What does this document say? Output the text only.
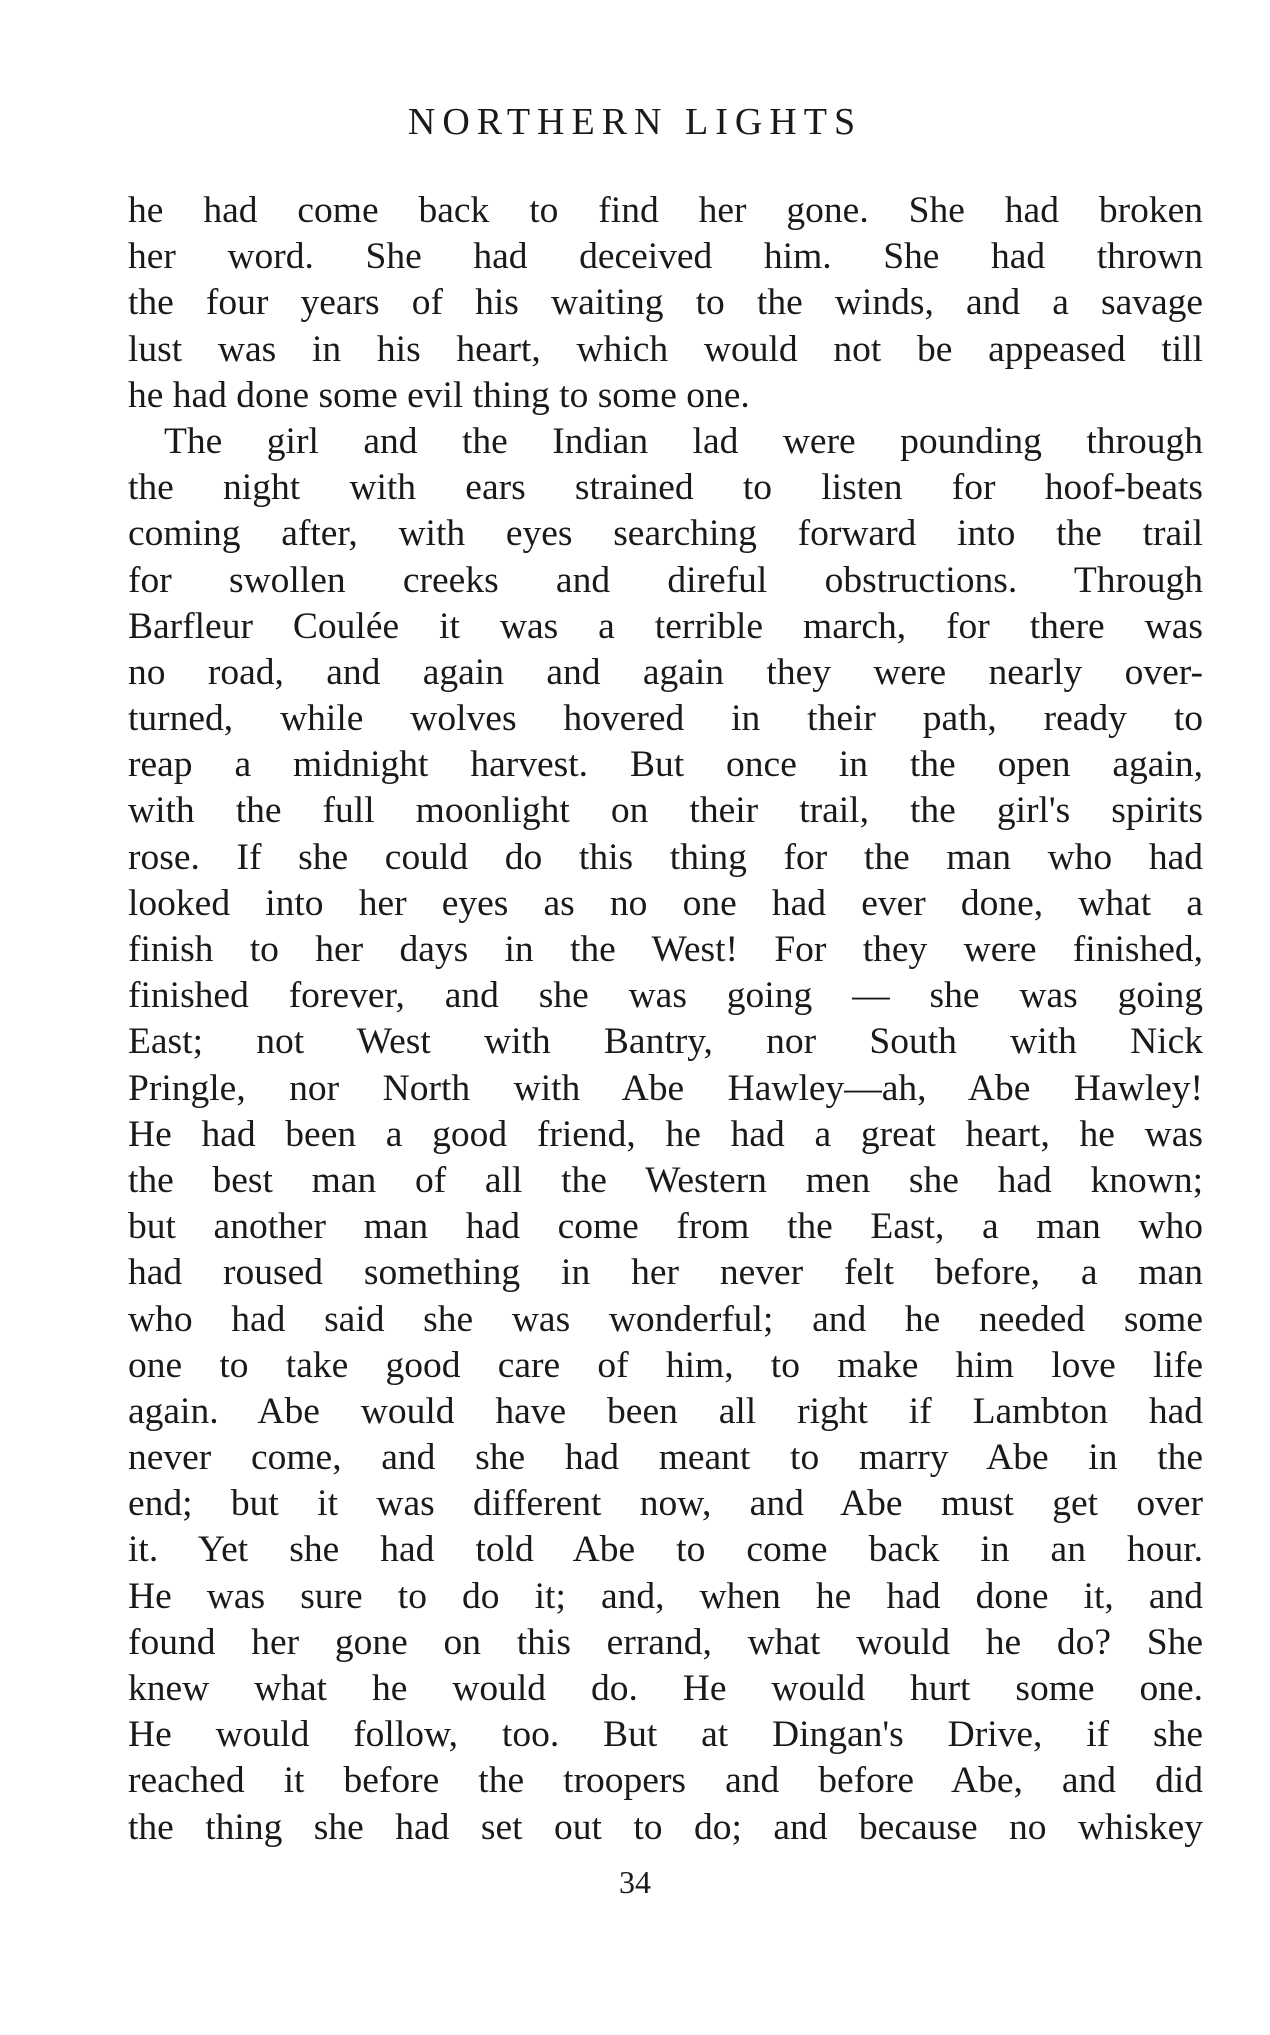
NORTHERN LIGHTS
he had come back to find her gone. She had broken
her word. She had deceived him. She had thrown
the four years of his waiting to the winds, and a savage
lust was in his heart, which would not be appeased till
he had done some evil thing to some one.
The girl and the Indian lad were pounding through
the night with ears strained to listen for hoof-beats
coming after, with eyes searching forward into the trail
for swollen creeks and direful obstructions. Through
Barfleur Coulée it was a terrible march, for there was
no road, and again and again they were nearly over-
turned, while wolves hovered in their path, ready to
reap a midnight harvest. But once in the open again,
with the full moonlight on their trail, the girl's spirits
rose. If she could do this thing for the man who had
looked into her eyes as no one had ever done, what a
finish to her days in the West! For they were finished,
finished forever, and she was going — she was going
East; not West with Bantry, nor South with Nick
Pringle, nor North with Abe Hawley—ah, Abe Hawley!
He had been a good friend, he had a great heart, he was
the best man of all the Western men she had known;
but another man had come from the East, a man who
had roused something in her never felt before, a man
who had said she was wonderful; and he needed some
one to take good care of him, to make him love life
again. Abe would have been all right if Lambton had
never come, and she had meant to marry Abe in the
end; but it was different now, and Abe must get over
it. Yet she had told Abe to come back in an hour.
He was sure to do it; and, when he had done it, and
found her gone on this errand, what would he do? She
knew what he would do. He would hurt some one.
He would follow, too. But at Dingan's Drive, if she
reached it before the troopers and before Abe, and did
the thing she had set out to do; and because no whiskey
34
